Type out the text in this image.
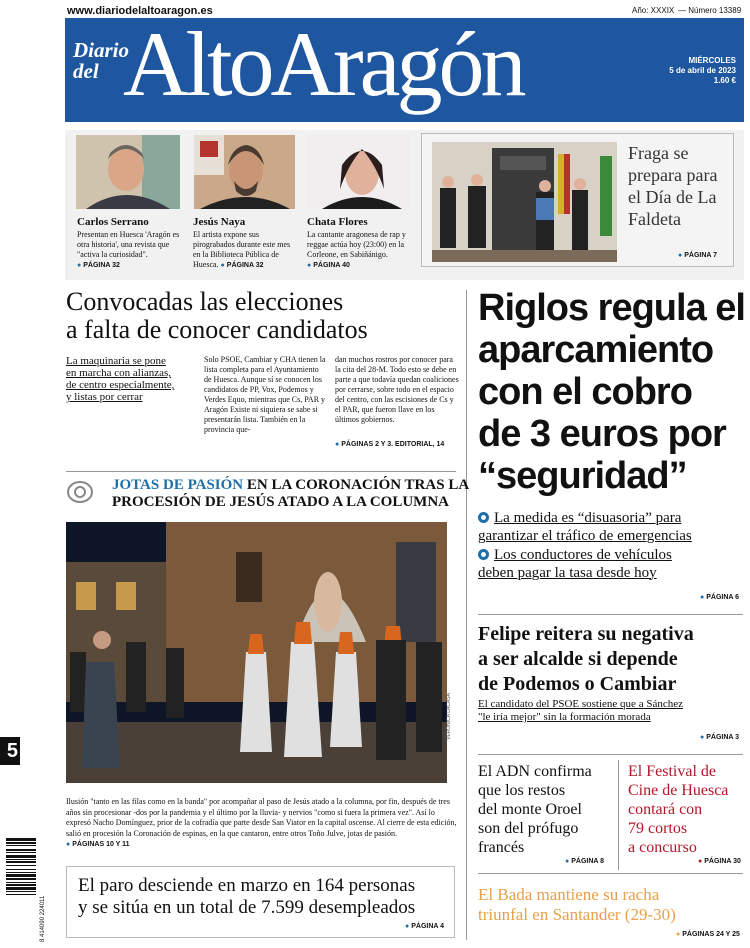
www.diariodelaltoaragon.es	Año: XXXIX — Número 13389
Diario
del AltoAragón	MIÉRCOLES
5 de abril de 2023
1.60 €
Carlos Serrano
Presentan en Huesca 'Aragón es otra historia', una revista que "activa la curiosidad". ● PÁGINA 32
Jesús Naya
El artista expone sus pirograbados durante este mes en la Biblioteca Pública de Huesca. ● PÁGINA 32
Chata Flores
La cantante aragonesa de rap y reggae actúa hoy (23:00) en la Corleone, en Sabiñánigo. ● PÁGINA 40
Fraga se prepara para el Día de La Faldeta
● PÁGINA 7
Convocadas las elecciones
a falta de conocer candidatos
La maquinaria se pone
en marcha con alianzas,
de centro especialmente,
y listas por cerrar
Solo PSOE, Cambiar y CHA tienen la lista completa para el Ayuntamiento de Huesca. Aunque sí se conocen los candidatos de PP, Vox, Podemos y Verdes Equo, mientras que Cs, PAR y Aragón Existe ni siquiera se sabe si presentarán lista. También en la provincia que-
dan muchos rostros por conocer para la cita del 28-M. Todo esto se debe en parte a que todavía quedan coaliciones por cerrarse, sobre todo en el espacio del centro, con las escisiones de Cs y el PAR, que fueron llave en los últimos gobiernos.
● PÁGINAS 2 Y 3. EDITORIAL, 14
JOTAS DE PASIÓN EN LA CORONACIÓN TRAS LA
PROCESIÓN DE JESÚS ATADO A LA COLUMNA
VERÓNICA LACASA
Ilusión "tanto en las filas como en la banda" por acompañar al paso de Jesús atado a la columna, por fin, después de tres años sin procesionar -dos por la pandemia y el último por la lluvia- y nervios "como si fuera la primera vez". Así lo expresó Nacho Domínguez, prior de la cofradía que parte desde San Viator en la capital oscense. Al cierre de esta edición, salió en procesión la Coronación de espinas, en la que cantaron, entre otros Toño Julve, jotas de pasión. ● PÁGINAS 10 Y 11
El paro desciende en marzo en 164 personas
y se sitúa en un total de 7.599 desempleados
● PÁGINA 4
Riglos regula el
aparcamiento
con el cobro
de 3 euros por
“seguridad”
La medida es “disuasoria” para
garantizar el tráfico de emergencias
Los conductores de vehículos
deben pagar la tasa desde hoy
● PÁGINA 6
Felipe reitera su negativa
a ser alcalde si depende
de Podemos o Cambiar
El candidato del PSOE sostiene que a Sánchez
"le iría mejor" sin la formación morada
● PÁGINA 3
El ADN confirma
que los restos
del monte Oroel
son del prófugo
francés
● PÁGINA 8
El Festival de
Cine de Huesca
contará con
79 cortos
a concurso
● PÁGINA 30
El Bada mantiene su racha
triunfal en Santander (29-30)
● PÁGINAS 24 Y 25
5
8 414090 224011
